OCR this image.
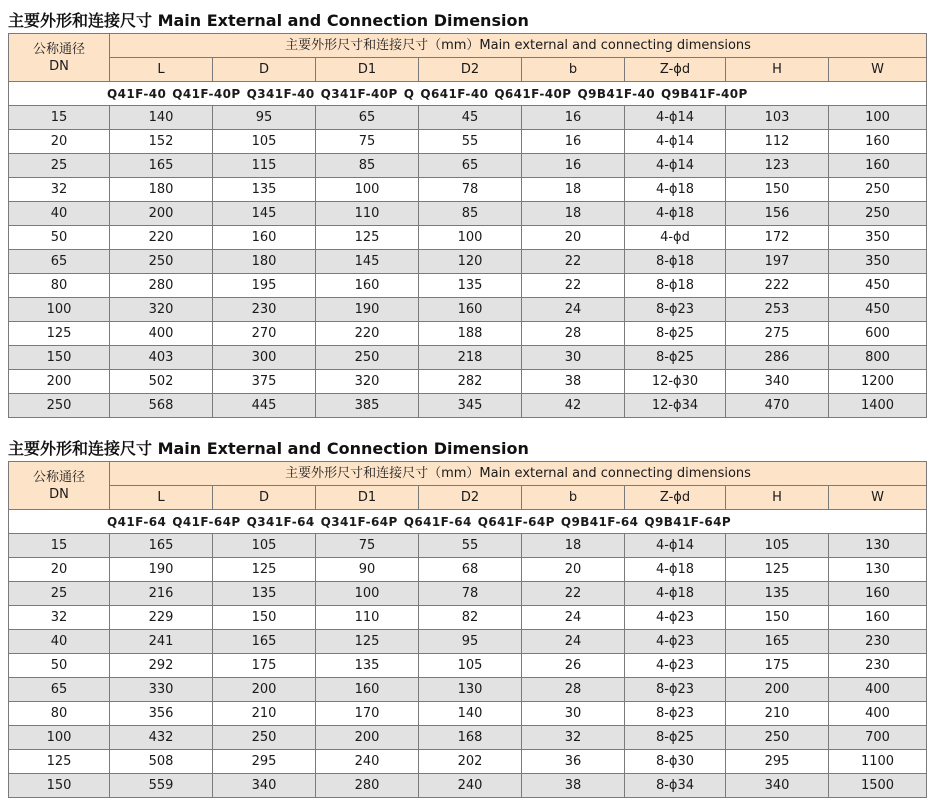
主要外形和连接尺寸 Main External and Connection Dimension
公称通径
DN	主要外形尺寸和连接尺寸（mm）Main external and connecting dimensions							
	L	D	D1	D2	b	Z-ϕd	H	W
Q41F-40 Q41F-40P Q341F-40 Q341F-40P Q Q641F-40 Q641F-40P Q9B41F-40 Q9B41F-40P								
15	140	95	65	45	16	4-ϕ14	103	100
20	152	105	75	55	16	4-ϕ14	112	160
25	165	115	85	65	16	4-ϕ14	123	160
32	180	135	100	78	18	4-ϕ18	150	250
40	200	145	110	85	18	4-ϕ18	156	250
50	220	160	125	100	20	4-ϕd	172	350
65	250	180	145	120	22	8-ϕ18	197	350
80	280	195	160	135	22	8-ϕ18	222	450
100	320	230	190	160	24	8-ϕ23	253	450
125	400	270	220	188	28	8-ϕ25	275	600
150	403	300	250	218	30	8-ϕ25	286	800
200	502	375	320	282	38	12-ϕ30	340	1200
250	568	445	385	345	42	12-ϕ34	470	1400
主要外形和连接尺寸 Main External and Connection Dimension
公称通径
DN	主要外形尺寸和连接尺寸（mm）Main external and connecting dimensions							
	L	D	D1	D2	b	Z-ϕd	H	W
Q41F-64 Q41F-64P Q341F-64 Q341F-64P Q641F-64 Q641F-64P Q9B41F-64 Q9B41F-64P								
15	165	105	75	55	18	4-ϕ14	105	130
20	190	125	90	68	20	4-ϕ18	125	130
25	216	135	100	78	22	4-ϕ18	135	160
32	229	150	110	82	24	4-ϕ23	150	160
40	241	165	125	95	24	4-ϕ23	165	230
50	292	175	135	105	26	4-ϕ23	175	230
65	330	200	160	130	28	8-ϕ23	200	400
80	356	210	170	140	30	8-ϕ23	210	400
100	432	250	200	168	32	8-ϕ25	250	700
125	508	295	240	202	36	8-ϕ30	295	1100
150	559	340	280	240	38	8-ϕ34	340	1500
